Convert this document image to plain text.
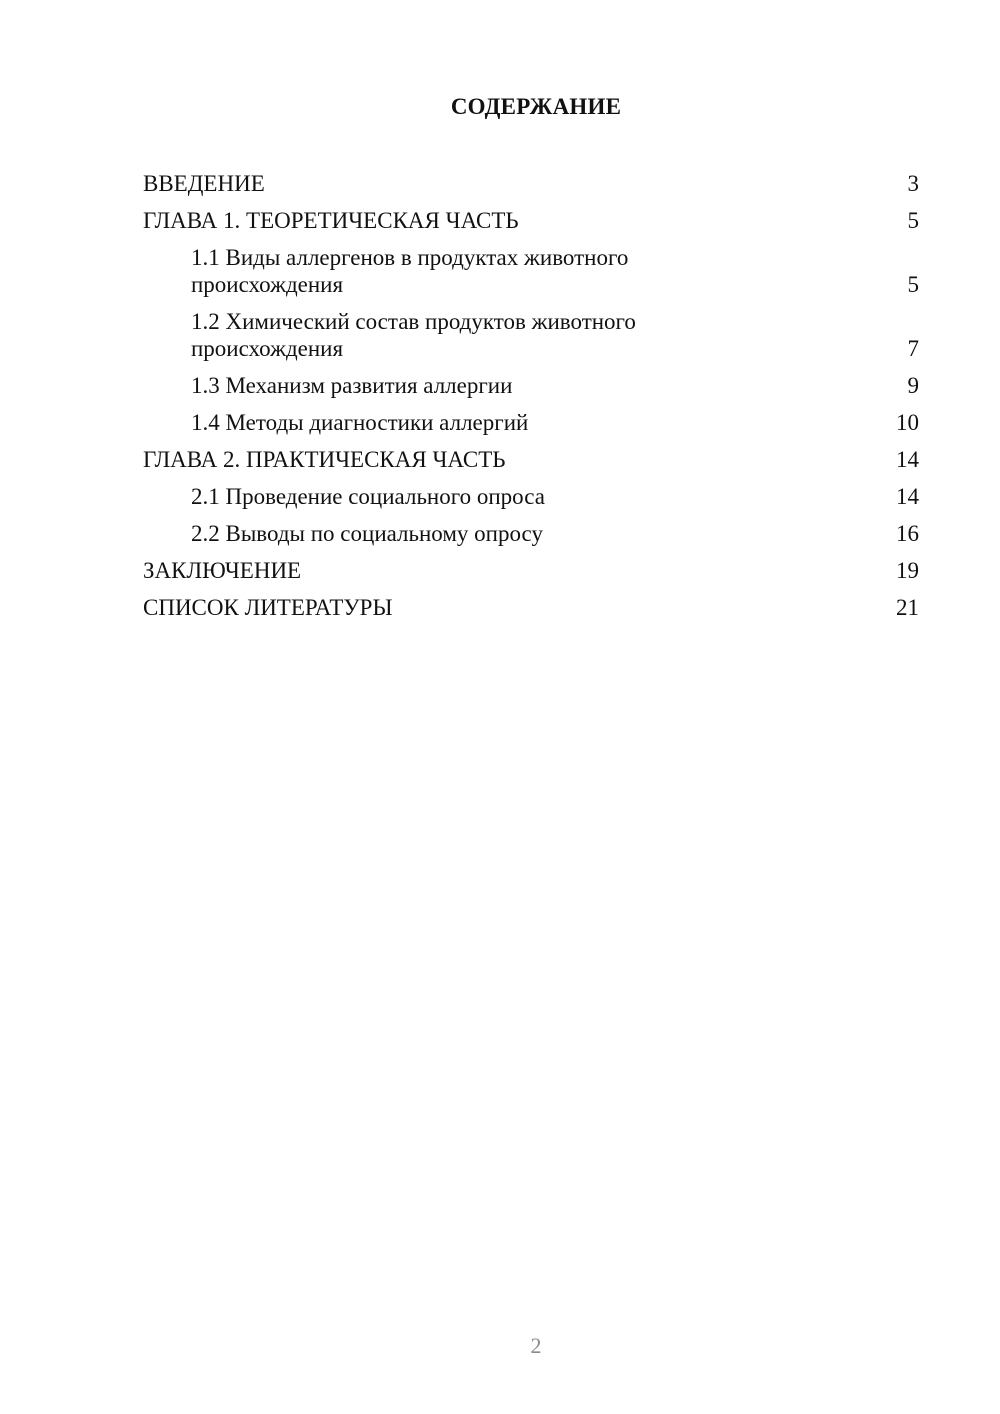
СОДЕРЖАНИЕ
ВВЕДЕНИЕ	3
ГЛАВА 1. ТЕОРЕТИЧЕСКАЯ ЧАСТЬ	5
1.1 Виды аллергенов в продуктах животного происхождения	5
1.2 Химический состав продуктов животного происхождения	7
1.3 Механизм развития аллергии	9
1.4 Методы диагностики аллергий	10
ГЛАВА 2. ПРАКТИЧЕСКАЯ ЧАСТЬ	14
2.1 Проведение социального опроса	14
2.2 Выводы по социальному опросу	16
ЗАКЛЮЧЕНИЕ	19
СПИСОК ЛИТЕРАТУРЫ	21
2
